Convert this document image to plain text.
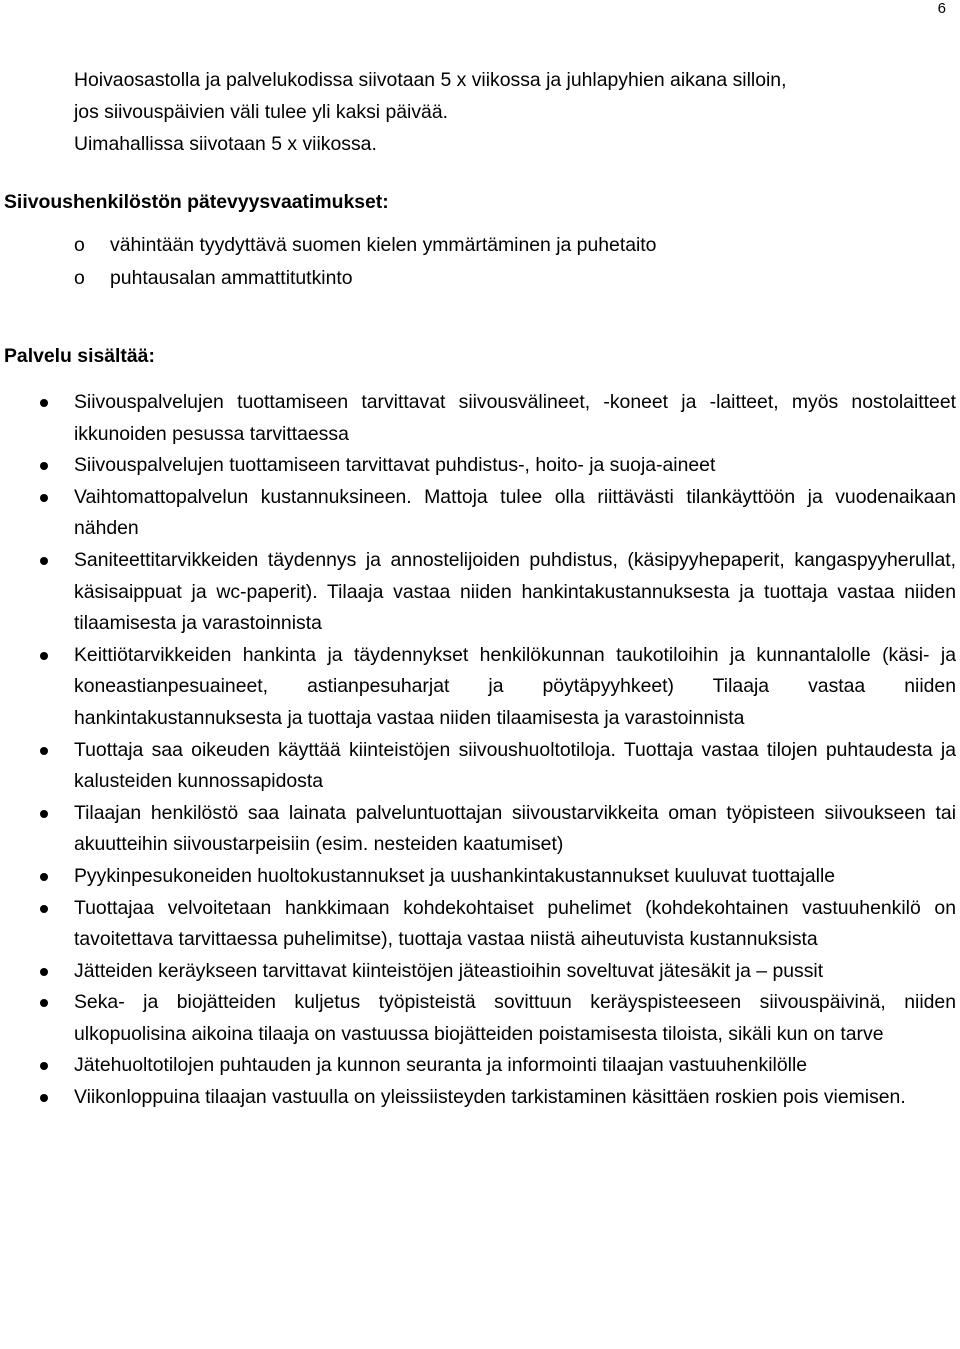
6

Hoivaosastolla ja palvelukodissa siivotaan 5 x viikossa ja juhlapyhien aikana silloin,

jos siivouspäivien väli tulee yli kaksi päivää.

Uimahallissa siivotaan 5 x viikossa.

Siivoushenkilöstön pätevyysvaatimukset:
o vähintään tyydyttävä suomen kielen ymmärtäminen ja puhetaito
o puhtausalan ammattitutkinto
Palvelu sisältää:
Siivouspalvelujen tuottamiseen tarvittavat siivousvälineet, -koneet ja -laitteet, myös nostolaitteet ikkunoiden pesussa tarvittaessa
Siivouspalvelujen tuottamiseen tarvittavat puhdistus-, hoito- ja suoja-aineet
Vaihtomattopalvelun kustannuksineen. Mattoja tulee olla riittävästi tilankäyttöön ja vuodenaikaan nähden
Saniteettitarvikkeiden täydennys ja annostelijoiden puhdistus, (käsipyyhepaperit, kangaspyyherullat, käsisaippuat ja wc-paperit). Tilaaja vastaa niiden hankintakustannuksesta ja tuottaja vastaa niiden tilaamisesta ja varastoinnista
Keittiötarvikkeiden hankinta ja täydennykset henkilökunnan taukotiloihin ja kunnantalolle (käsi- ja koneastianpesuaineet, astianpesuharjat ja pöytäpyyhkeet) Tilaaja vastaa niiden hankintakustannuksesta ja tuottaja vastaa niiden tilaamisesta ja varastoinnista
Tuottaja saa oikeuden käyttää kiinteistöjen siivoushuoltotiloja. Tuottaja vastaa tilojen puhtaudesta ja kalusteiden kunnossapidosta
Tilaajan henkilöstö saa lainata palveluntuottajan siivoustarvikkeita oman työpisteen siivoukseen tai akuutteihin siivoustarpeisiin (esim. nesteiden kaatumiset)
Pyykinpesukoneiden huoltokustannukset ja uushankintakustannukset kuuluvat tuottajalle
Tuottajaa velvoitetaan hankkimaan kohdekohtaiset puhelimet (kohdekohtainen vastuuhenkilö on tavoitettava tarvittaessa puhelimitse), tuottaja vastaa niistä aiheutuvista kustannuksista
Jätteiden keräykseen tarvittavat kiinteistöjen jäteastioihin soveltuvat jätesäkit ja – pussit
Seka- ja biojätteiden kuljetus työpisteistä sovittuun keräyspisteeseen siivouspäivinä, niiden ulkopuolisina aikoina tilaaja on vastuussa biojätteiden poistamisesta tiloista, sikäli kun on tarve
Jätehuoltotilojen puhtauden ja kunnon seuranta ja informointi tilaajan vastuuhenkilölle
Viikonloppuina tilaajan vastuulla on yleissiisteyden tarkistaminen käsittäen roskien pois viemisen.
